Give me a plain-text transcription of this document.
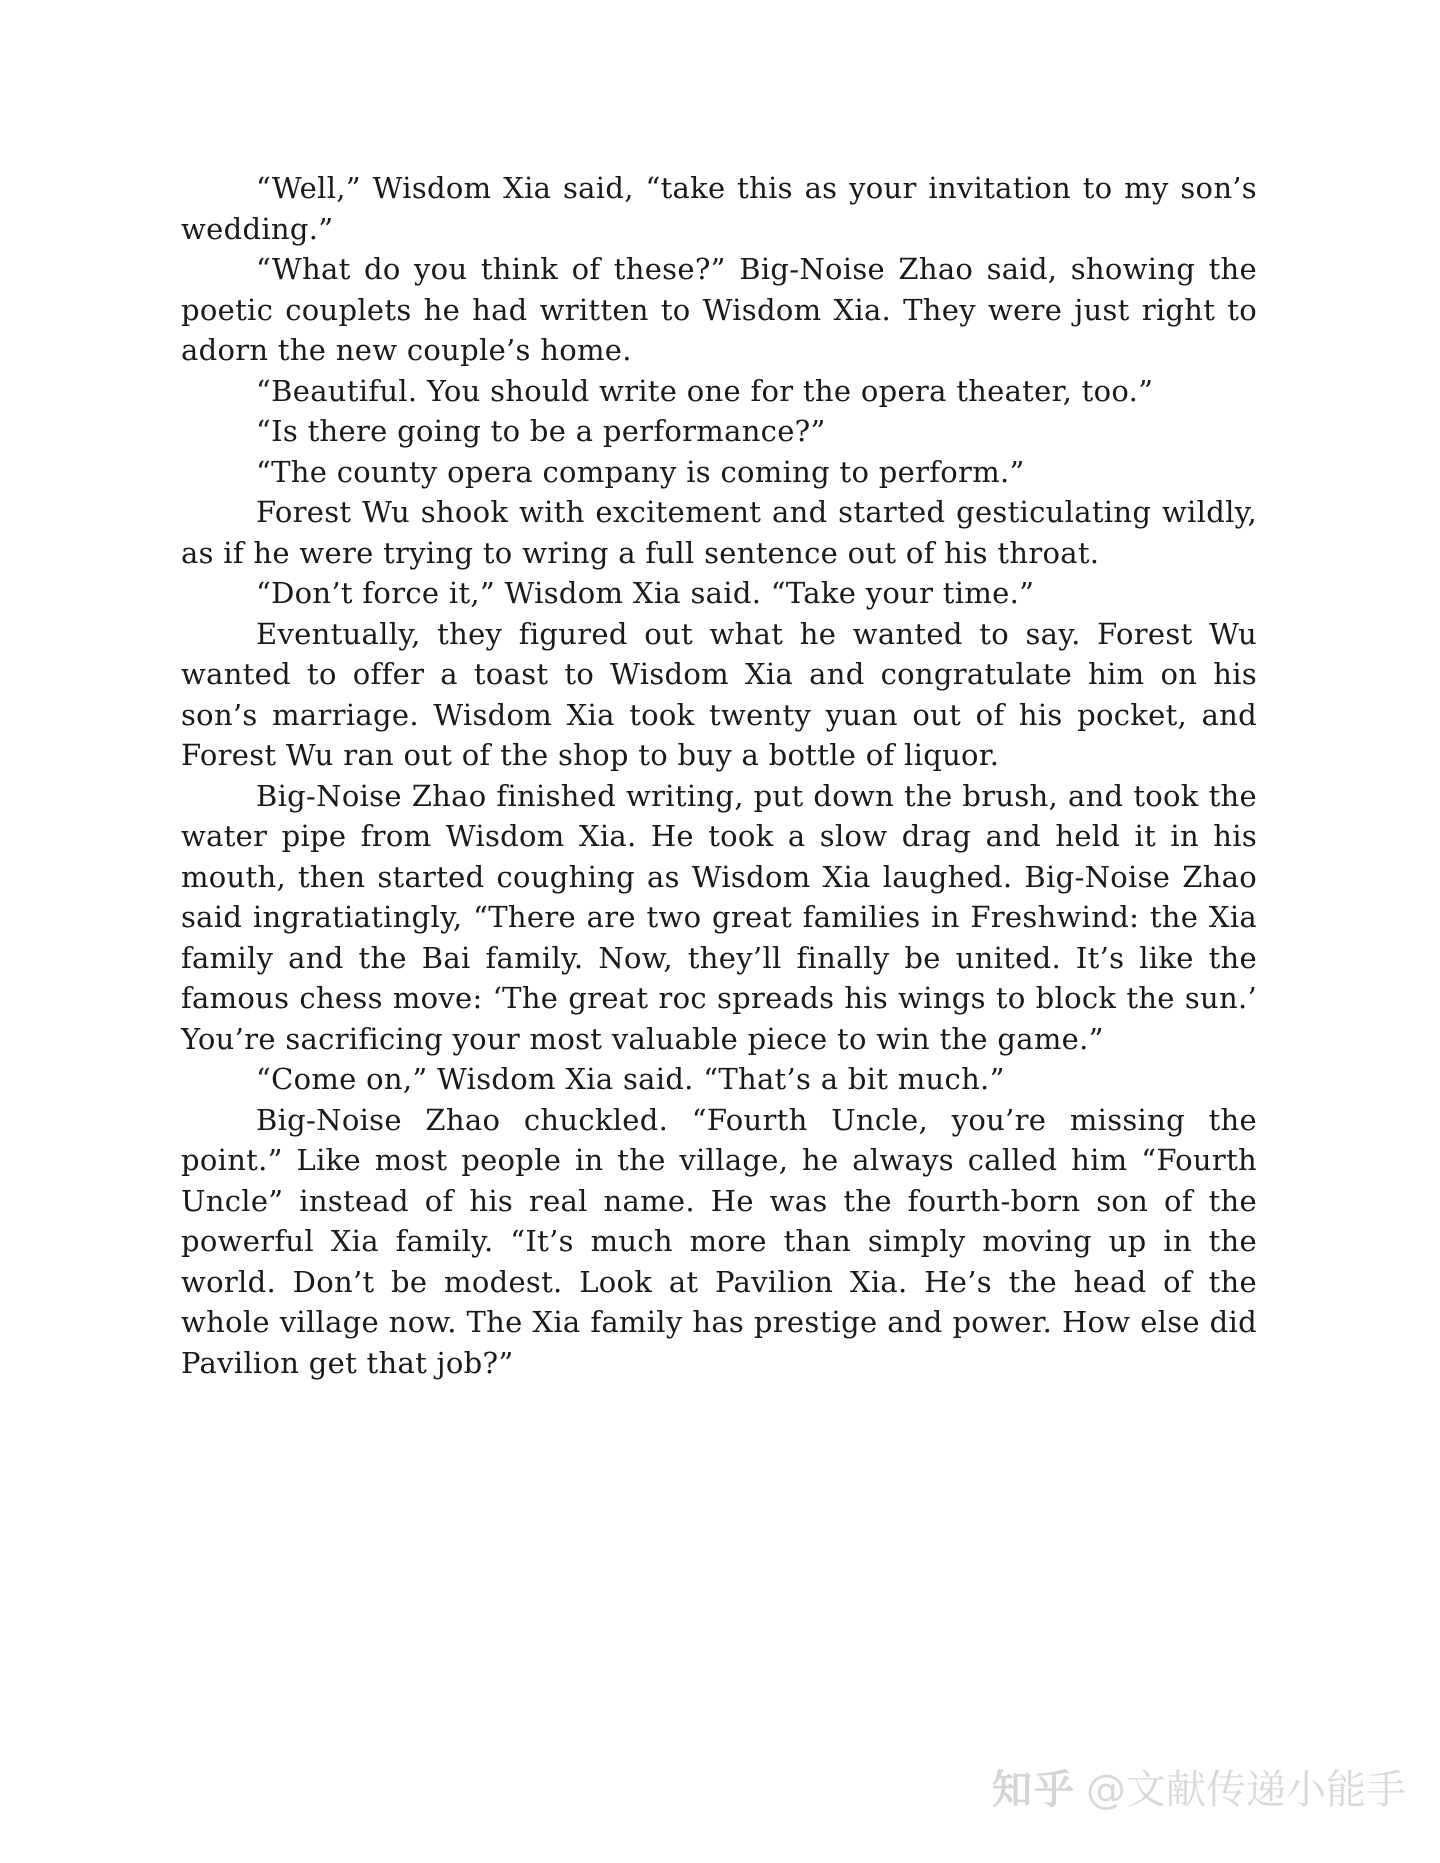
“Well,” Wisdom Xia said, “take this as your invitation to my son’s wedding.”

“What do you think of these?” Big-Noise Zhao said, showing the poetic couplets he had written to Wisdom Xia. They were just right to adorn the new couple’s home.

“Beautiful. You should write one for the opera theater, too.”

“Is there going to be a performance?”

“The county opera company is coming to perform.”

Forest Wu shook with excitement and started gesticulating wildly, as if he were trying to wring a full sentence out of his throat.

“Don’t force it,” Wisdom Xia said. “Take your time.”

Eventually, they figured out what he wanted to say. Forest Wu wanted to offer a toast to Wisdom Xia and congratulate him on his son’s marriage. Wisdom Xia took twenty yuan out of his pocket, and Forest Wu ran out of the shop to buy a bottle of liquor.

Big-Noise Zhao finished writing, put down the brush, and took the water pipe from Wisdom Xia. He took a slow drag and held it in his mouth, then started coughing as Wisdom Xia laughed. Big-Noise Zhao said ingratiatingly, “There are two great families in Freshwind: the Xia family and the Bai family. Now, they’ll finally be united. It’s like the famous chess move: ‘The great roc spreads his wings to block the sun.’ You’re sacrificing your most valuable piece to win the game.”

“Come on,” Wisdom Xia said. “That’s a bit much.”

Big-Noise Zhao chuckled. “Fourth Uncle, you’re missing the point.” Like most people in the village, he always called him “Fourth Uncle” instead of his real name. He was the fourth-born son of the powerful Xia family. “It’s much more than simply moving up in the world. Don’t be modest. Look at Pavilion Xia. He’s the head of the whole village now. The Xia family has prestige and power. How else did Pavilion get that job?”

知乎 @文献传递小能手
